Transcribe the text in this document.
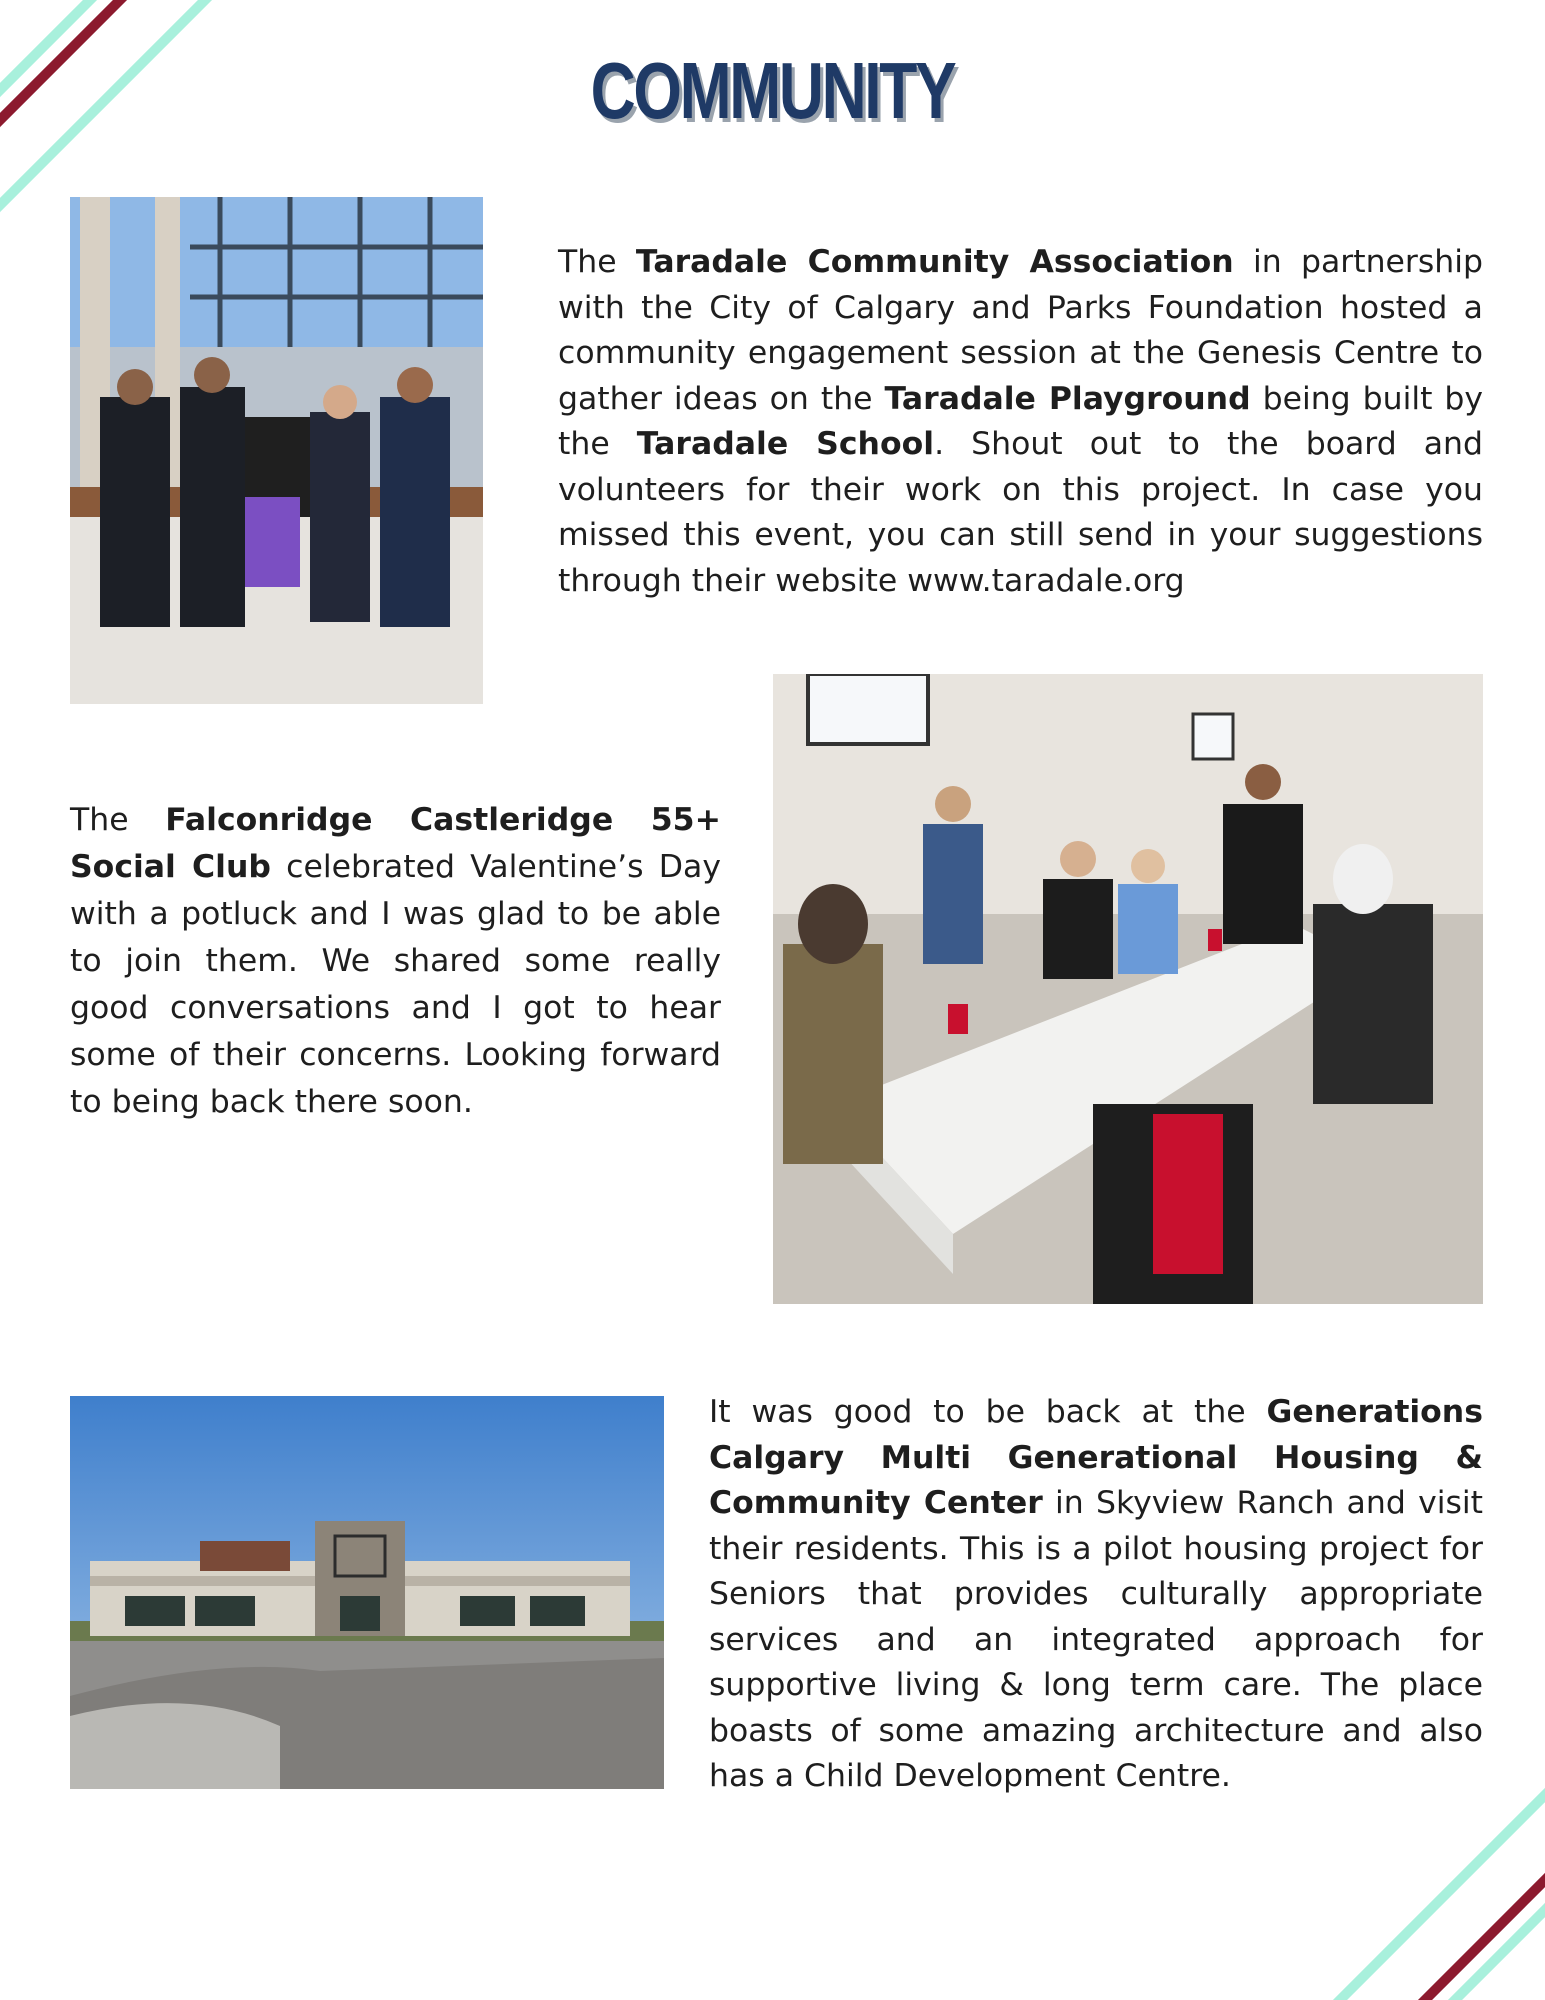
COMMUNITY
The Taradale Community Association in partnership with the City of Calgary and Parks Foundation hosted a community engagement session at the Genesis Centre to gather ideas on the Taradale Playground being built by the Taradale School. Shout out to the board and volunteers for their work on this project. In case you missed this event, you can still send in your suggestions through their website www.taradale.org
The Falconridge Castleridge 55+ Social Club celebrated Valentine’s Day with a potluck and I was glad to be able to join them. We shared some really good conversations and I got to hear some of their concerns. Looking forward to being back there soon.
It was good to be back at the Generations Calgary Multi Generational Housing & Community Center in Skyview Ranch and visit their residents. This is a pilot housing project for Seniors that provides culturally appropriate services and an integrated approach for supportive living & long term care. The place boasts of some amazing architecture and also has a Child Development Centre.
